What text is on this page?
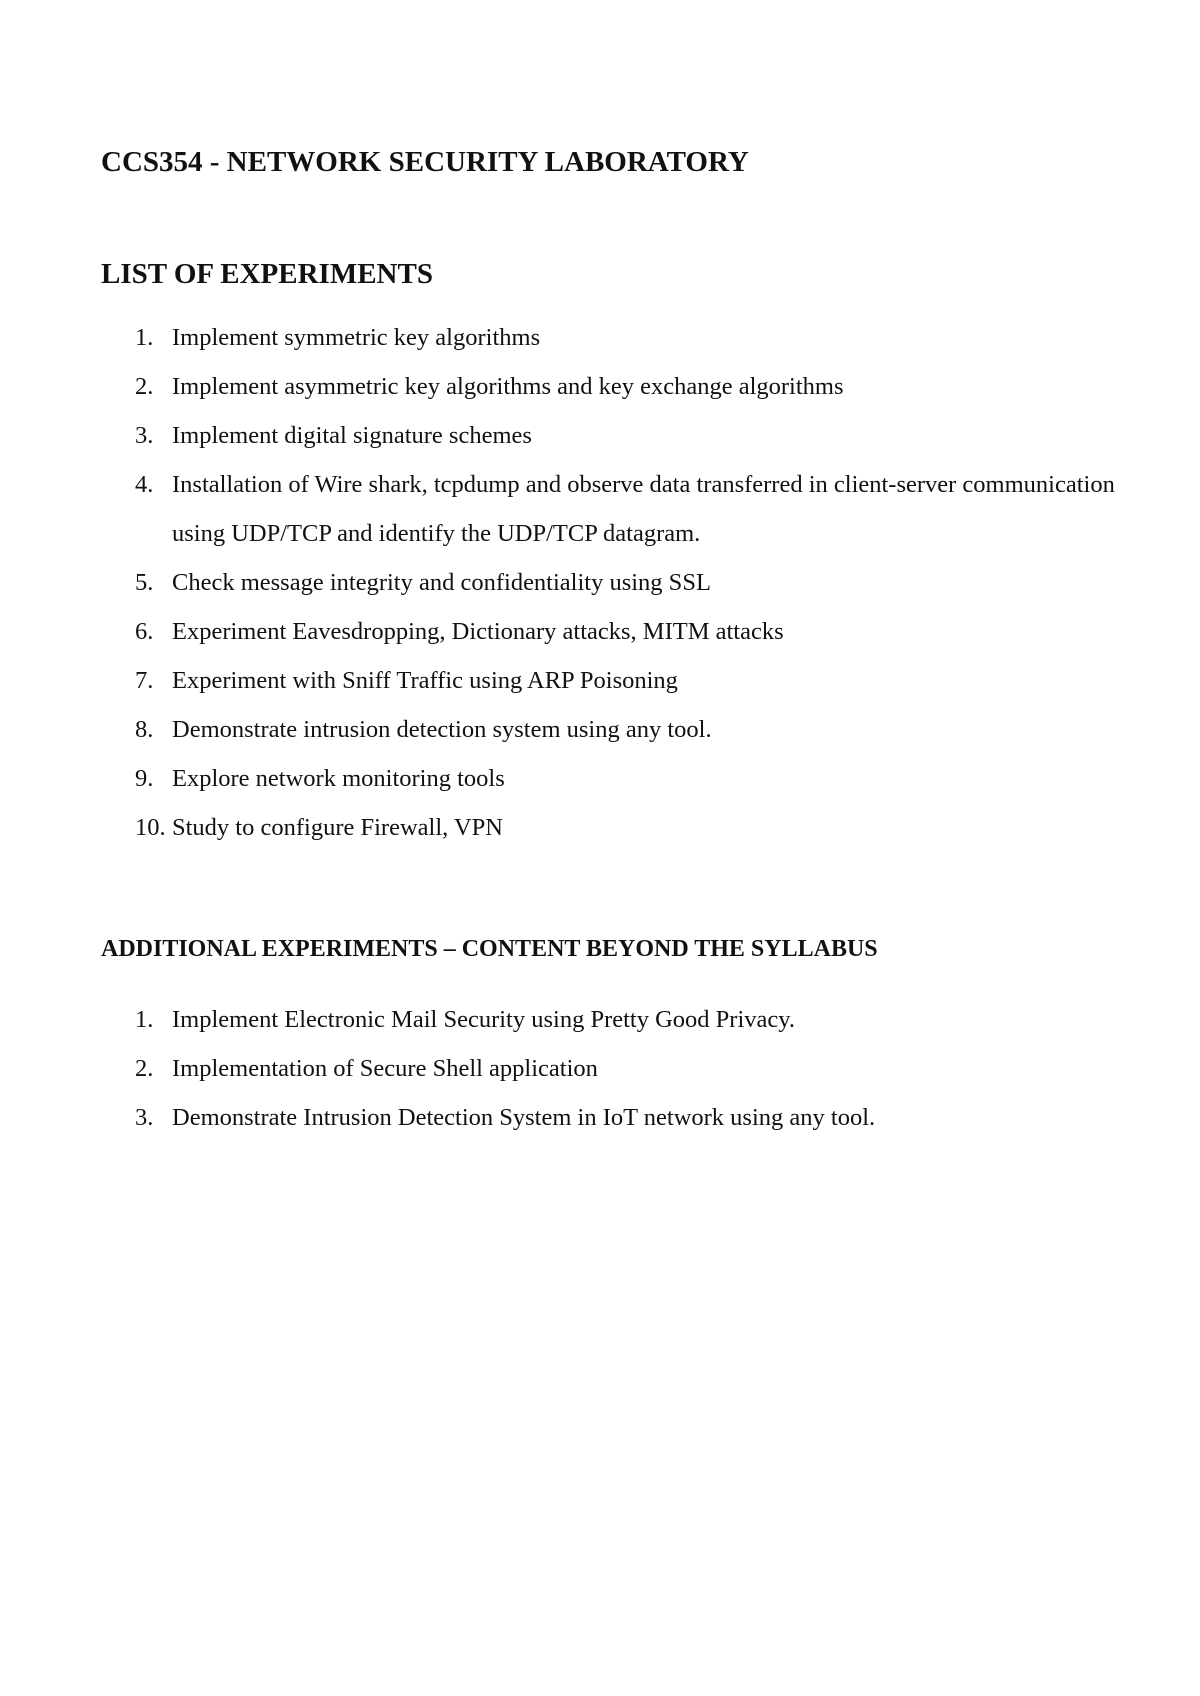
CCS354 - NETWORK SECURITY LABORATORY
LIST OF EXPERIMENTS
1. Implement symmetric key algorithms
2. Implement asymmetric key algorithms and key exchange algorithms
3. Implement digital signature schemes
4. Installation of Wire shark, tcpdump and observe data transferred in client-server communication using UDP/TCP and identify the UDP/TCP datagram.
5. Check message integrity and confidentiality using SSL
6. Experiment Eavesdropping, Dictionary attacks, MITM attacks
7. Experiment with Sniff Traffic using ARP Poisoning
8. Demonstrate intrusion detection system using any tool.
9. Explore network monitoring tools
10. Study to configure Firewall, VPN
ADDITIONAL EXPERIMENTS – CONTENT BEYOND THE SYLLABUS
1. Implement Electronic Mail Security using Pretty Good Privacy.
2. Implementation of Secure Shell application
3. Demonstrate Intrusion Detection System in IoT network using any tool.
